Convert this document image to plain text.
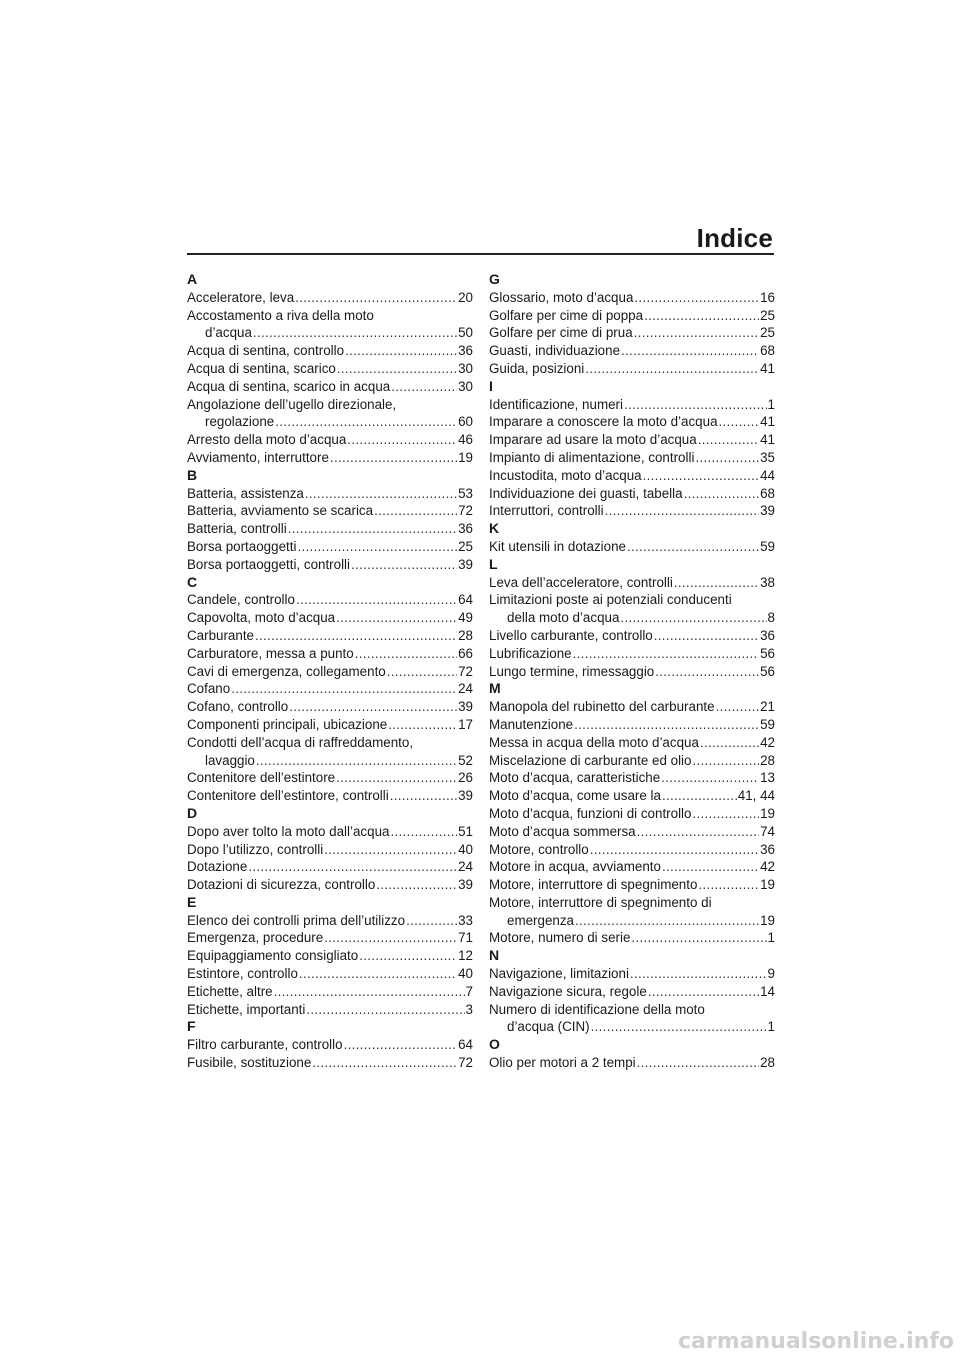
Indice
A
Acceleratore, leva .....	20
Accostamento a riva della moto
d’acqua .....	50
Acqua di sentina, controllo .....	36
Acqua di sentina, scarico .....	30
Acqua di sentina, scarico in acqua .....	30
Angolazione dell’ugello direzionale,
regolazione .....	60
Arresto della moto d’acqua .....	46
Avviamento, interruttore .....	19
B
Batteria, assistenza .....	53
Batteria, avviamento se scarica .....	72
Batteria, controlli .....	36
Borsa portaoggetti .....	25
Borsa portaoggetti, controlli .....	39
C
Candele, controllo .....	64
Capovolta, moto d’acqua .....	49
Carburante .....	28
Carburatore, messa a punto .....	66
Cavi di emergenza, collegamento .....	72
Cofano .....	24
Cofano, controllo .....	39
Componenti principali, ubicazione .....	17
Condotti dell’acqua di raffreddamento,
lavaggio .....	52
Contenitore dell’estintore .....	26
Contenitore dell’estintore, controlli .....	39
D
Dopo aver tolto la moto dall’acqua .....	51
Dopo l’utilizzo, controlli .....	40
Dotazione .....	24
Dotazioni di sicurezza, controllo .....	39
E
Elenco dei controlli prima dell’utilizzo .....	33
Emergenza, procedure .....	71
Equipaggiamento consigliato .....	12
Estintore, controllo .....	40
Etichette, altre .....	7
Etichette, importanti .....	3
F
Filtro carburante, controllo .....	64
Fusibile, sostituzione .....	72
G
Glossario, moto d’acqua .....	16
Golfare per cime di poppa .....	25
Golfare per cime di prua .....	25
Guasti, individuazione .....	68
Guida, posizioni .....	41
I
Identificazione, numeri .....	1
Imparare a conoscere la moto d’acqua .....	41
Imparare ad usare la moto d’acqua .....	41
Impianto di alimentazione, controlli .....	35
Incustodita, moto d’acqua .....	44
Individuazione dei guasti, tabella .....	68
Interruttori, controlli .....	39
K
Kit utensili in dotazione .....	59
L
Leva dell’acceleratore, controlli .....	38
Limitazioni poste ai potenziali conducenti
della moto d’acqua .....	8
Livello carburante, controllo .....	36
Lubrificazione .....	56
Lungo termine, rimessaggio .....	56
M
Manopola del rubinetto del carburante .....	21
Manutenzione .....	59
Messa in acqua della moto d’acqua .....	42
Miscelazione di carburante ed olio .....	28
Moto d’acqua, caratteristiche .....	13
Moto d’acqua, come usare la .....	41, 44
Moto d’acqua, funzioni di controllo .....	19
Moto d’acqua sommersa .....	74
Motore, controllo .....	36
Motore in acqua, avviamento .....	42
Motore, interruttore di spegnimento .....	19
Motore, interruttore di spegnimento di
emergenza .....	19
Motore, numero di serie .....	1
N
Navigazione, limitazioni .....	9
Navigazione sicura, regole .....	14
Numero di identificazione della moto
d’acqua (CIN) .....	1
O
Olio per motori a 2 tempi .....	28
carmanualsonline.info
